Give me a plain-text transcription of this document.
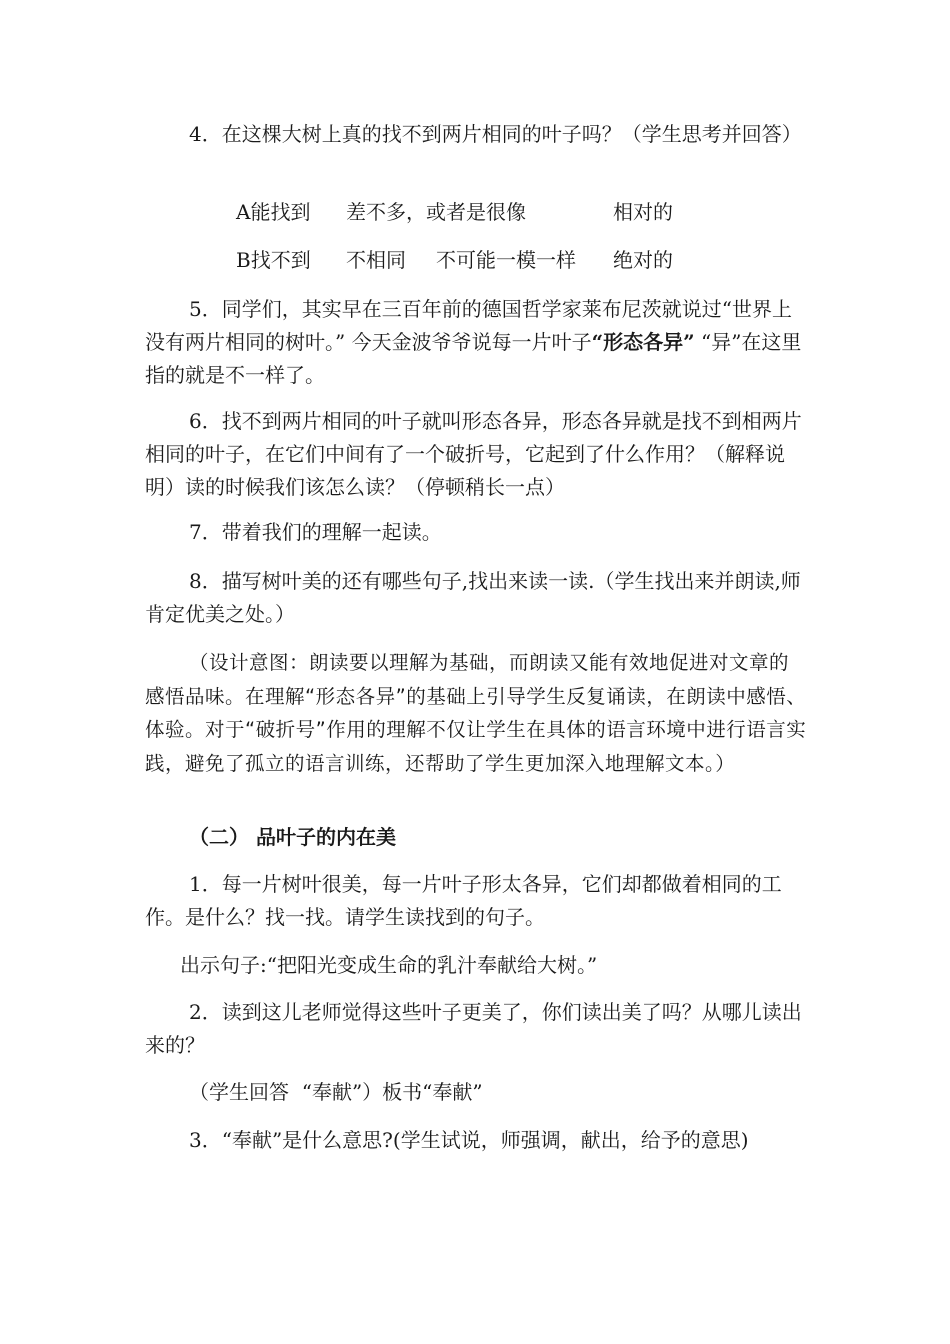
4．在这棵大树上真的找不到两片相同的叶子吗？（学生思考并回答）

A能找到 差不多，或者是很像	相对的
B找不到 不相同 不可能一模一样 绝对的

5．同学们，其实早在三百年前的德国哲学家莱布尼茨就说过“世界上没有两片相同的树叶。” 今天金波爷爷说每一片叶子“形态各异” “异”在这里指的就是不一样了。

6．找不到两片相同的叶子就叫形态各异，形态各异就是找不到相两片相同的叶子，在它们中间有了一个破折号，它起到了什么作用？（解释说明）读的时候我们该怎么读？（停顿稍长一点）

7．带着我们的理解一起读。

8．描写树叶美的还有哪些句子,找出来读一读.（学生找出来并朗读,师肯定优美之处。）

（设计意图：朗读要以理解为基础，而朗读又能有效地促进对文章的感悟品味。在理解“形态各异”的基础上引导学生反复诵读，在朗读中感悟、体验。对于“破折号”作用的理解不仅让学生在具体的语言环境中进行语言实践，避免了孤立的语言训练，还帮助了学生更加深入地理解文本。）

（二） 品叶子的内在美

1．每一片树叶很美，每一片叶子形太各异，它们却都做着相同的工作。是什么？找一找。请学生读找到的句子。

出示句子:“把阳光变成生命的乳汁奉献给大树。”

2．读到这儿老师觉得这些叶子更美了，你们读出美了吗？从哪儿读出来的？

（学生回答  “奉献”）板书“奉献”

3．“奉献”是什么意思?(学生试说，师强调，献出，给予的意思)
